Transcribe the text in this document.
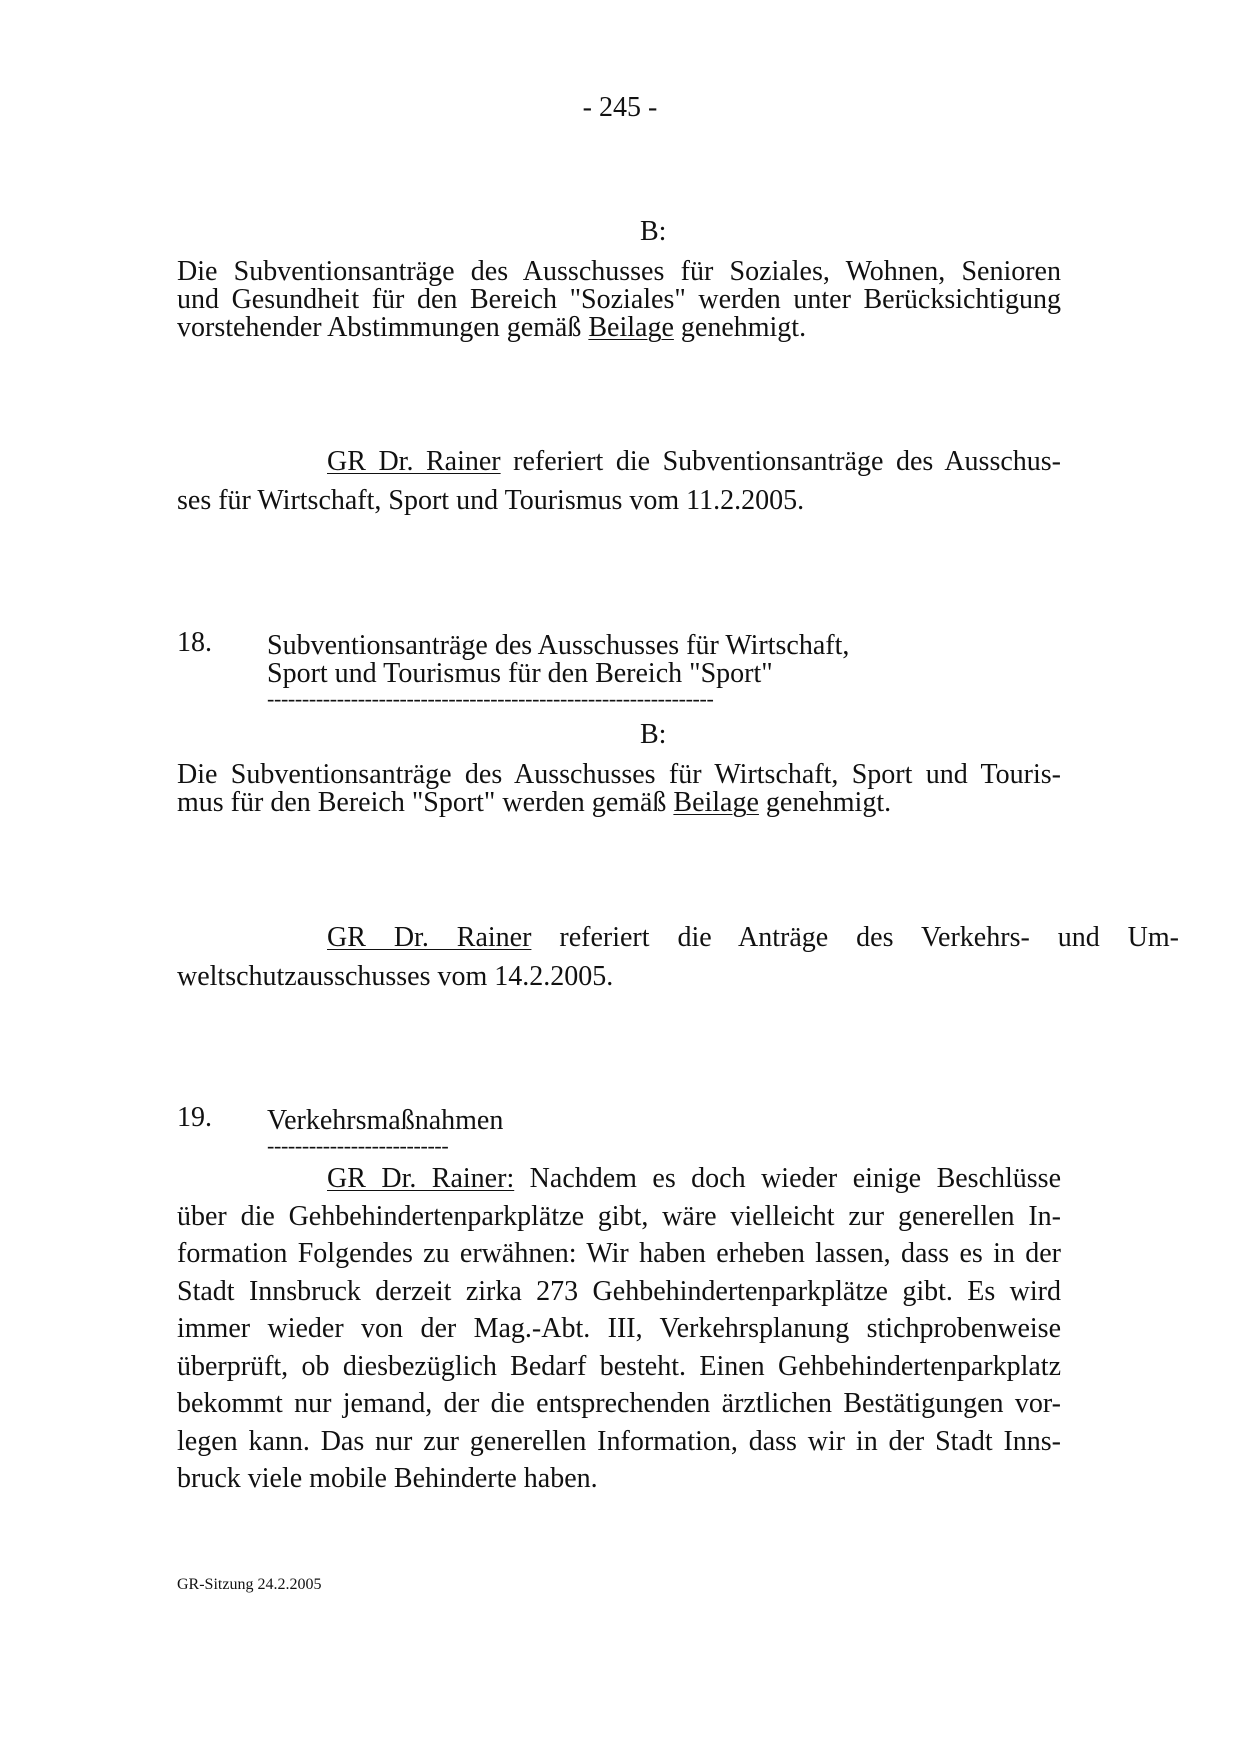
- 245 -
B:
Die Subventionsanträge des Ausschusses für Soziales, Wohnen, Senioren
und Gesundheit für den Bereich "Soziales" werden unter Berücksichtigung
vorstehender Abstimmungen gemäß Beilage genehmigt.
GR Dr. Rainer referiert die Subventionsanträge des Ausschus-
ses für Wirtschaft, Sport und Tourismus vom 11.2.2005.
18. Subventionsanträge des Ausschusses für Wirtschaft,
Sport und Tourismus für den Bereich "Sport"
----------------------------------------------------------------
B:
Die Subventionsanträge des Ausschusses für Wirtschaft, Sport und Touris-
mus für den Bereich "Sport" werden gemäß Beilage genehmigt.
GR Dr. Rainer referiert die Anträge des Verkehrs- und Um-
weltschutzausschusses vom 14.2.2005.
19. Verkehrsmaßnahmen
--------------------------
GR Dr. Rainer: Nachdem es doch wieder einige Beschlüsse
über die Gehbehindertenparkplätze gibt, wäre vielleicht zur generellen In-
formation Folgendes zu erwähnen: Wir haben erheben lassen, dass es in der
Stadt Innsbruck derzeit zirka 273 Gehbehindertenparkplätze gibt. Es wird
immer wieder von der Mag.-Abt. III, Verkehrsplanung stichprobenweise
überprüft, ob diesbezüglich Bedarf besteht. Einen Gehbehindertenparkplatz
bekommt nur jemand, der die entsprechenden ärztlichen Bestätigungen vor-
legen kann. Das nur zur generellen Information, dass wir in der Stadt Inns-
bruck viele mobile Behinderte haben.
GR-Sitzung 24.2.2005
